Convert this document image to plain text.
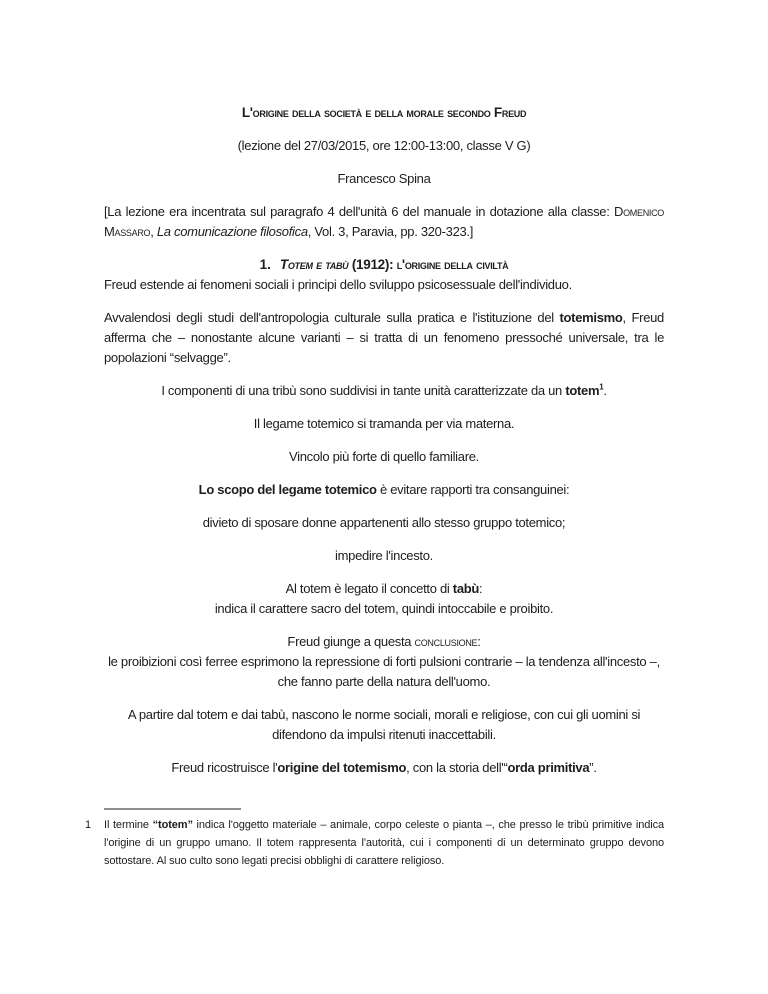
L'origine della società e della morale secondo Freud

(lezione del 27/03/2015, ore 12:00-13:00, classe V G)

Francesco Spina

[La lezione era incentrata sul paragrafo 4 dell'unità 6 del manuale in dotazione alla classe: Domenico Massaro, La comunicazione filosofica, Vol. 3, Paravia, pp. 320-323.]

1. Totem e tabù (1912): l'origine della civiltà

Freud estende ai fenomeni sociali i principi dello sviluppo psicosessuale dell'individuo.

Avvalendosi degli studi dell'antropologia culturale sulla pratica e l'istituzione del totemismo, Freud afferma che – nonostante alcune varianti – si tratta di un fenomeno pressoché universale, tra le popolazioni “selvagge”.

I componenti di una tribù sono suddivisi in tante unità caratterizzate da un totem$^1$.

Il legame totemico si tramanda per via materna.

Vincolo più forte di quello familiare.

Lo scopo del legame totemico è evitare rapporti tra consanguinei:

divieto di sposare donne appartenenti allo stesso gruppo totemico;

impedire l'incesto.

Al totem è legato il concetto di tabù:
indica il carattere sacro del totem, quindi intoccabile e proibito.

Freud giunge a questa conclusione:
le proibizioni così ferree esprimono la repressione di forti pulsioni contrarie – la tendenza all'incesto –, che fanno parte della natura dell'uomo.

A partire dal totem e dai tabù, nascono le norme sociali, morali e religiose, con cui gli uomini si difendono da impulsi ritenuti inaccettabili.

Freud ricostruisce l'origine del totemismo, con la storia dell'“orda primitiva”.

1 Il termine “totem” indica l'oggetto materiale – animale, corpo celeste o pianta –, che presso le tribù primitive indica l'origine di un gruppo umano. Il totem rappresenta l'autorità, cui i componenti di un determinato gruppo devono sottostare. Al suo culto sono legati precisi obblighi di carattere religioso.
